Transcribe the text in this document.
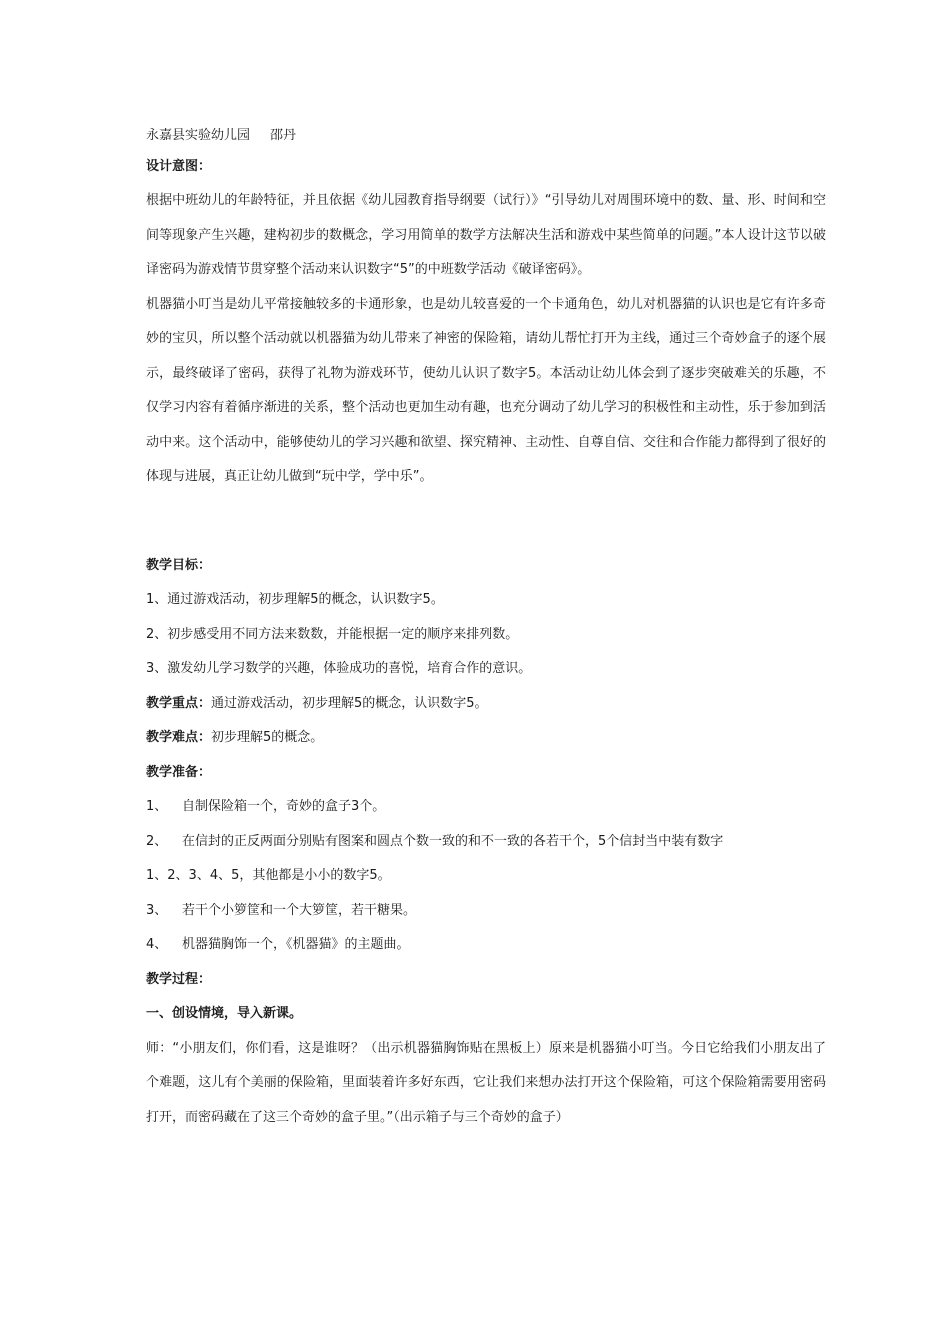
永嘉县实验幼儿园 邵丹

设计意图：

根据中班幼儿的年龄特征，并且依据《幼儿园教育指导纲要（试行）》“引导幼儿对周围环境中的数、量、形、时间和空间等现象产生兴趣，建构初步的数概念，学习用简单的数学方法解决生活和游戏中某些简单的问题。”本人设计这节以破译密码为游戏情节贯穿整个活动来认识数字“5”的中班数学活动《破译密码》。

机器猫小叮当是幼儿平常接触较多的卡通形象，也是幼儿较喜爱的一个卡通角色，幼儿对机器猫的认识也是它有许多奇妙的宝贝，所以整个活动就以机器猫为幼儿带来了神密的保险箱，请幼儿帮忙打开为主线，通过三个奇妙盒子的逐个展示，最终破译了密码，获得了礼物为游戏环节，使幼儿认识了数字5。本活动让幼儿体会到了逐步突破难关的乐趣，不仅学习内容有着循序渐进的关系，整个活动也更加生动有趣，也充分调动了幼儿学习的积极性和主动性，乐于参加到活动中来。这个活动中，能够使幼儿的学习兴趣和欲望、探究精神、主动性、自尊自信、交往和合作能力都得到了很好的体现与进展，真正让幼儿做到“玩中学，学中乐”。

教学目标：
1、通过游戏活动，初步理解5的概念，认识数字5。
2、初步感受用不同方法来数数，并能根据一定的顺序来排列数。
3、激发幼儿学习数学的兴趣，体验成功的喜悦，培育合作的意识。
教学重点：通过游戏活动，初步理解5的概念，认识数字5。
教学难点：初步理解5的概念。
教学准备：
1、 自制保险箱一个，奇妙的盒子3个。
2、 在信封的正反两面分别贴有图案和圆点个数一致的和不一致的各若干个，5个信封当中装有数字
1、2、3、4、5，其他都是小小的数字5。
3、 若干个小箩筐和一个大箩筐，若干糖果。
4、 机器猫胸饰一个，《机器猫》的主题曲。
教学过程：
一、创设情境，导入新课。

师：“小朋友们，你们看，这是谁呀？（出示机器猫胸饰贴在黑板上）原来是机器猫小叮当。今日它给我们小朋友出了个难题，这儿有个美丽的保险箱，里面装着许多好东西，它让我们来想办法打开这个保险箱，可这个保险箱需要用密码打开，而密码藏在了这三个奇妙的盒子里。”（出示箱子与三个奇妙的盒子）
